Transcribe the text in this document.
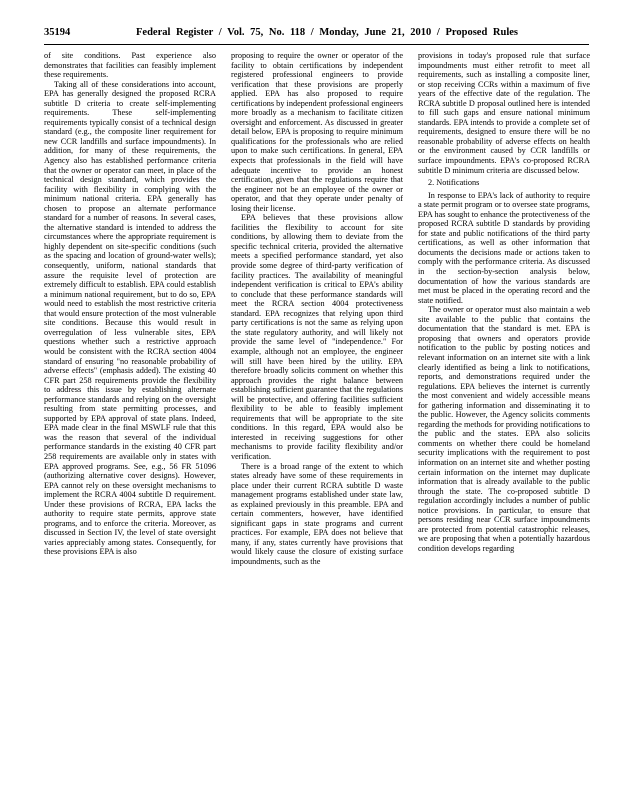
35194	Federal Register / Vol. 75, No. 118 / Monday, June 21, 2010 / Proposed Rules

of site conditions. Past experience also demonstrates that facilities can feasibly implement these requirements.

Taking all of these considerations into account, EPA has generally designed the proposed RCRA subtitle D criteria to create self-implementing requirements. These self-implementing requirements typically consist of a technical design standard (e.g., the composite liner requirement for new CCR landfills and surface impoundments). In addition, for many of these requirements, the Agency also has established performance criteria that the owner or operator can meet, in place of the technical design standard, which provides the facility with flexibility in complying with the minimum national criteria. EPA generally has chosen to propose an alternate performance standard for a number of reasons. In several cases, the alternative standard is intended to address the circumstances where the appropriate requirement is highly dependent on site-specific conditions (such as the spacing and location of ground-water wells); consequently, uniform, national standards that assure the requisite level of protection are extremely difficult to establish. EPA could establish a minimum national requirement, but to do so, EPA would need to establish the most restrictive criteria that would ensure protection of the most vulnerable site conditions. Because this would result in overregulation of less vulnerable sites, EPA questions whether such a restrictive approach would be consistent with the RCRA section 4004 standard of ensuring "no reasonable probability of adverse effects" (emphasis added). The existing 40 CFR part 258 requirements provide the flexibility to address this issue by establishing alternate performance standards and relying on the oversight resulting from state permitting processes, and supported by EPA approval of state plans. Indeed, EPA made clear in the final MSWLF rule that this was the reason that several of the individual performance standards in the existing 40 CFR part 258 requirements are available only in states with EPA approved programs. See, e.g., 56 FR 51096 (authorizing alternative cover designs). However, EPA cannot rely on these oversight mechanisms to implement the RCRA 4004 subtitle D requirement. Under these provisions of RCRA, EPA lacks the authority to require state permits, approve state programs, and to enforce the criteria. Moreover, as discussed in Section IV, the level of state oversight varies appreciably among states. Consequently, for these provisions EPA is also

proposing to require the owner or operator of the facility to obtain certifications by independent registered professional engineers to provide verification that these provisions are properly applied. EPA has also proposed to require certifications by independent professional engineers more broadly as a mechanism to facilitate citizen oversight and enforcement. As discussed in greater detail below, EPA is proposing to require minimum qualifications for the professionals who are relied upon to make such certifications. In general, EPA expects that professionals in the field will have adequate incentive to provide an honest certification, given that the regulations require that the engineer not be an employee of the owner or operator, and that they operate under penalty of losing their license.

EPA believes that these provisions allow facilities the flexibility to account for site conditions, by allowing them to deviate from the specific technical criteria, provided the alternative meets a specified performance standard, yet also provide some degree of third-party verification of facility practices. The availability of meaningful independent verification is critical to EPA's ability to conclude that these performance standards will meet the RCRA section 4004 protectiveness standard. EPA recognizes that relying upon third party certifications is not the same as relying upon the state regulatory authority, and will likely not provide the same level of "independence." For example, although not an employee, the engineer will still have been hired by the utility. EPA therefore broadly solicits comment on whether this approach provides the right balance between establishing sufficient guarantee that the regulations will be protective, and offering facilities sufficient flexibility to be able to feasibly implement requirements that will be appropriate to the site conditions. In this regard, EPA would also be interested in receiving suggestions for other mechanisms to provide facility flexibility and/or verification.

There is a broad range of the extent to which states already have some of these requirements in place under their current RCRA subtitle D waste management programs established under state law, as explained previously in this preamble. EPA and certain commenters, however, have identified significant gaps in state programs and current practices. For example, EPA does not believe that many, if any, states currently have provisions that would likely cause the closure of existing surface impoundments, such as the

provisions in today's proposed rule that surface impoundments must either retrofit to meet all requirements, such as installing a composite liner, or stop receiving CCRs within a maximum of five years of the effective date of the regulation. The RCRA subtitle D proposal outlined here is intended to fill such gaps and ensure national minimum standards. EPA intends to provide a complete set of requirements, designed to ensure there will be no reasonable probability of adverse effects on health or the environment caused by CCR landfills or surface impoundments. EPA's co-proposed RCRA subtitle D minimum criteria are discussed below.

2. Notifications

In response to EPA's lack of authority to require a state permit program or to oversee state programs, EPA has sought to enhance the protectiveness of the proposed RCRA subtitle D standards by providing for state and public notifications of the third party certifications, as well as other information that documents the decisions made or actions taken to comply with the performance criteria. As discussed in the section-by-section analysis below, documentation of how the various standards are met must be placed in the operating record and the state notified.

The owner or operator must also maintain a web site available to the public that contains the documentation that the standard is met. EPA is proposing that owners and operators provide notification to the public by posting notices and relevant information on an internet site with a link clearly identified as being a link to notifications, reports, and demonstrations required under the regulations. EPA believes the internet is currently the most convenient and widely accessible means for gathering information and disseminating it to the public. However, the Agency solicits comments regarding the methods for providing notifications to the public and the states. EPA also solicits comments on whether there could be homeland security implications with the requirement to post information on an internet site and whether posting certain information on the internet may duplicate information that is already available to the public through the state. The co-proposed subtitle D regulation accordingly includes a number of public notice provisions. In particular, to ensure that persons residing near CCR surface impoundments are protected from potential catastrophic releases, we are proposing that when a potentially hazardous condition develops regarding
